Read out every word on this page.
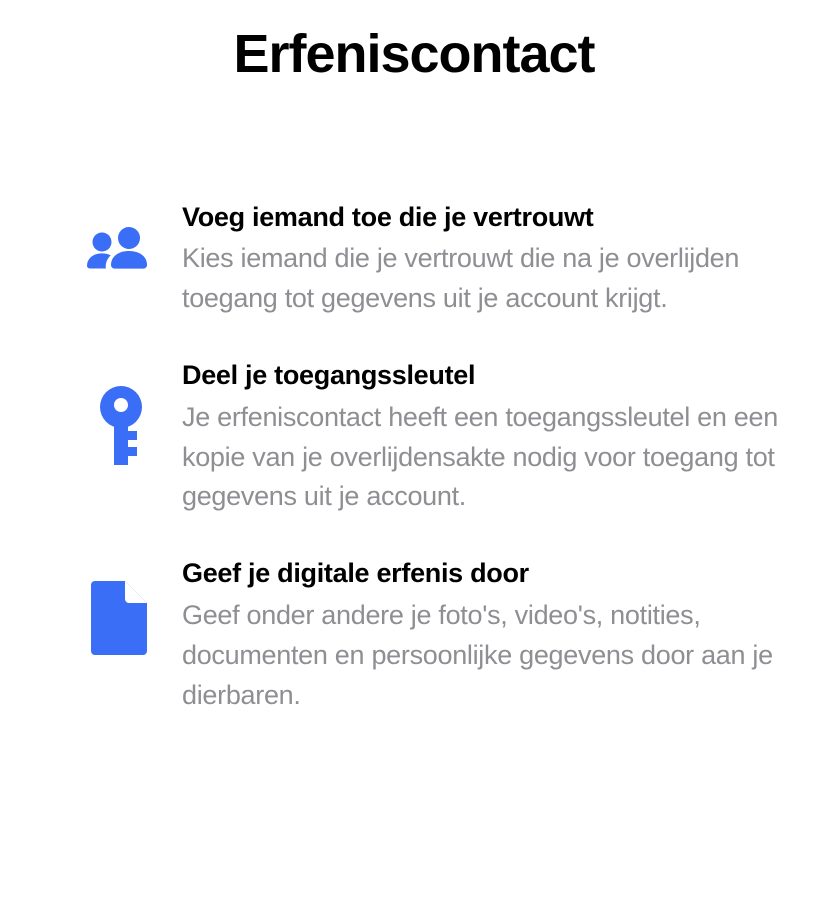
Erfeniscontact

Voeg iemand toe die je vertrouwt

Kies iemand die je vertrouwt die na je overlijden toegang tot gegevens uit je account krijgt.

Deel je toegangssleutel

Je erfeniscontact heeft een toegangssleutel en een kopie van je overlijdensakte nodig voor toegang tot gegevens uit je account.

Geef je digitale erfenis door

Geef onder andere je foto's, video's, notities, documenten en persoonlijke gegevens door aan je dierbaren.
